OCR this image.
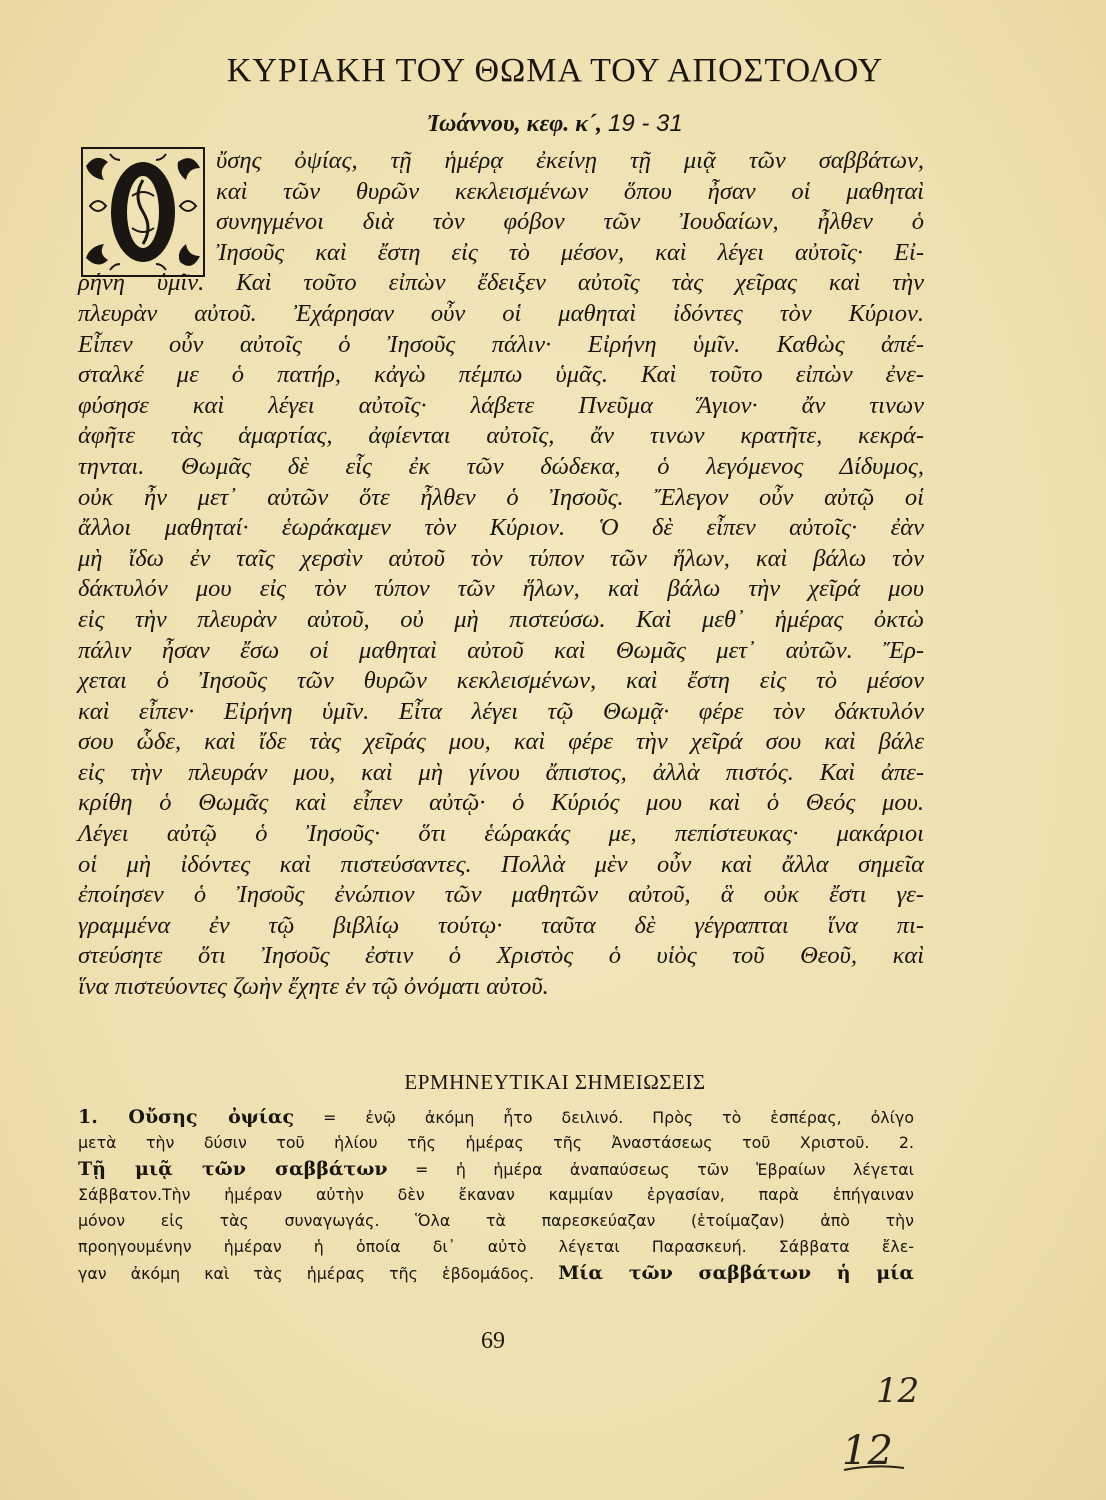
ΚΥΡΙΑΚΗ ΤΟΥ ΘΩΜΑ ΤΟΥ ΑΠΟΣΤΟΛΟΥ
Ἰωάννου, κεφ. κ´, 19 - 31
ὔσης ὀψίας, τῇ ἡμέρᾳ ἐκείνῃ τῇ μιᾷ τῶν σαββάτων,
καὶ τῶν θυρῶν κεκλεισμένων ὅπου ἦσαν οἱ μαθηταὶ
συνηγμένοι διὰ τὸν φόβον τῶν Ἰουδαίων, ἦλθεν ὁ
Ἰησοῦς καὶ ἔστη εἰς τὸ μέσον, καὶ λέγει αὐτοῖς· Εἰ-
ρήνη ὑμῖν. Καὶ τοῦτο εἰπὼν ἔδειξεν αὐτοῖς τὰς χεῖρας καὶ τὴν
πλευρὰν αὐτοῦ. Ἐχάρησαν οὖν οἱ μαθηταὶ ἰδόντες τὸν Κύριον.
Εἶπεν οὖν αὐτοῖς ὁ Ἰησοῦς πάλιν· Εἰρήνη ὑμῖν. Καθὼς ἀπέ-
σταλκέ με ὁ πατήρ, κἀγὼ πέμπω ὑμᾶς. Καὶ τοῦτο εἰπὼν ἐνε-
φύσησε καὶ λέγει αὐτοῖς· λάβετε Πνεῦμα Ἅγιον· ἄν τινων
ἀφῆτε τὰς ἁμαρτίας, ἀφίενται αὐτοῖς, ἄν τινων κρατῆτε, κεκρά-
τηνται. Θωμᾶς δὲ εἷς ἐκ τῶν δώδεκα, ὁ λεγόμενος Δίδυμος,
οὐκ ἦν μετ᾿ αὐτῶν ὅτε ἦλθεν ὁ Ἰησοῦς. Ἔλεγον οὖν αὐτῷ οἱ
ἄλλοι μαθηταί· ἑωράκαμεν τὸν Κύριον. Ὁ δὲ εἶπεν αὐτοῖς· ἐὰν
μὴ ἴδω ἐν ταῖς χερσὶν αὐτοῦ τὸν τύπον τῶν ἥλων, καὶ βάλω τὸν
δάκτυλόν μου εἰς τὸν τύπον τῶν ἥλων, καὶ βάλω τὴν χεῖρά μου
εἰς τὴν πλευρὰν αὐτοῦ, οὐ μὴ πιστεύσω. Καὶ μεθ᾿ ἡμέρας ὀκτὼ
πάλιν ἦσαν ἔσω οἱ μαθηταὶ αὐτοῦ καὶ Θωμᾶς μετ᾿ αὐτῶν. Ἔρ-
χεται ὁ Ἰησοῦς τῶν θυρῶν κεκλεισμένων, καὶ ἔστη εἰς τὸ μέσον
καὶ εἶπεν· Εἰρήνη ὑμῖν. Εἶτα λέγει τῷ Θωμᾷ· φέρε τὸν δάκτυλόν
σου ὧδε, καὶ ἴδε τὰς χεῖράς μου, καὶ φέρε τὴν χεῖρά σου καὶ βάλε
εἰς τὴν πλευράν μου, καὶ μὴ γίνου ἄπιστος, ἀλλὰ πιστός. Καὶ ἀπε-
κρίθη ὁ Θωμᾶς καὶ εἶπεν αὐτῷ· ὁ Κύριός μου καὶ ὁ Θεός μου.
Λέγει αὐτῷ ὁ Ἰησοῦς· ὅτι ἑώρακάς με, πεπίστευκας· μακάριοι
οἱ μὴ ἰδόντες καὶ πιστεύσαντες. Πολλὰ μὲν οὖν καὶ ἄλλα σημεῖα
ἐποίησεν ὁ Ἰησοῦς ἐνώπιον τῶν μαθητῶν αὐτοῦ, ἃ οὐκ ἔστι γε-
γραμμένα ἐν τῷ βιβλίῳ τούτῳ· ταῦτα δὲ γέγραπται ἵνα πι-
στεύσητε ὅτι Ἰησοῦς ἐστιν ὁ Χριστὸς ὁ υἱὸς τοῦ Θεοῦ, καὶ
ἵνα πιστεύοντες ζωὴν ἔχητε ἐν τῷ ὀνόματι αὐτοῦ.
ΕΡΜΗΝΕΥΤΙΚΑΙ ΣΗΜΕΙΩΣΕΙΣ
1. Οὔσης ὀψίας = ἐνῷ ἀκόμη ἦτο δειλινό. Πρὸς τὸ ἑσπέρας, ὀλίγο
μετὰ τὴν δύσιν τοῦ ἡλίου τῆς ἡμέρας τῆς Ἀναστάσεως τοῦ Χριστοῦ. 2.
Τῇ μιᾷ τῶν σαββάτων = ἡ ἡμέρα ἀναπαύσεως τῶν Ἑβραίων λέγεται
Σάββατον.Τὴν ἡμέραν αὐτὴν δὲν ἔκαναν καμμίαν ἐργασίαν, παρὰ ἐπήγαιναν
μόνον εἰς τὰς συναγωγάς. Ὅλα τὰ παρεσκεύαζαν (ἑτοίμαζαν) ἀπὸ τὴν
προηγουμένην ἡμέραν ἡ ὁποία δι᾿ αὐτὸ λέγεται Παρασκευή. Σάββατα ἔλε-
γαν ἀκόμη καὶ τὰς ἡμέρας τῆς ἑβδομάδος. Μία τῶν σαββάτων ἡ μία
69
12
12
